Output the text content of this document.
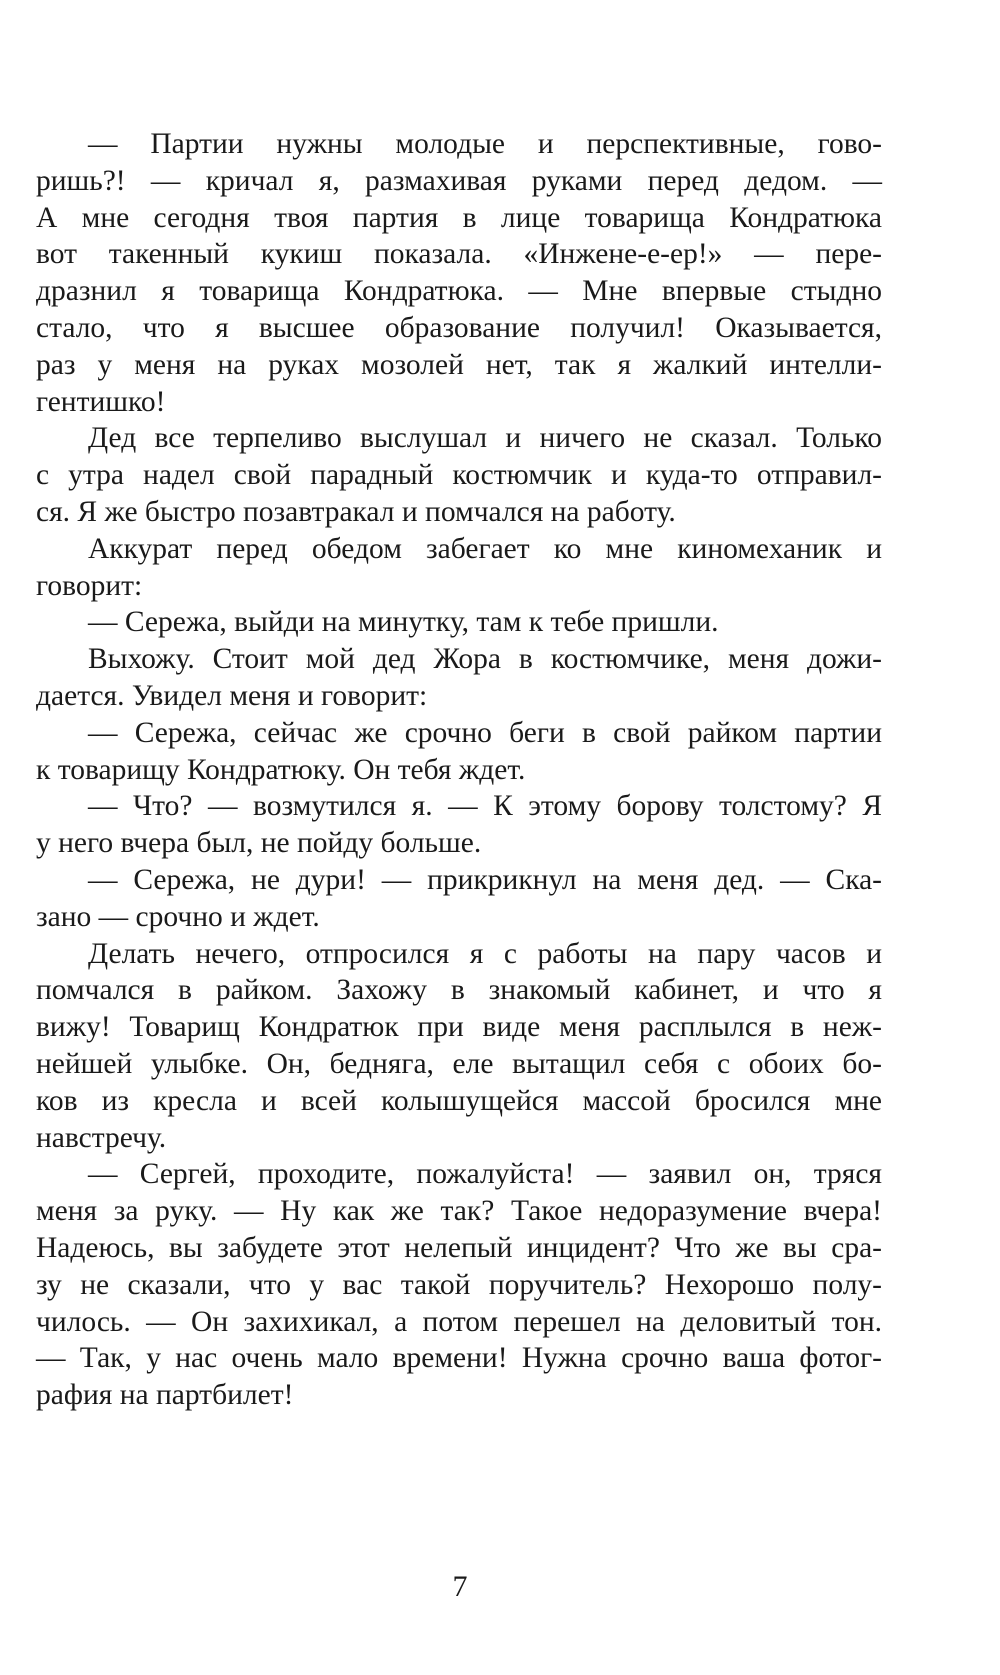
— Партии нужны молодые и перспективные, гово-
ришь?! — кричал я, размахивая руками перед дедом. —
А мне сегодня твоя партия в лице товарища Кондратюка
вот такенный кукиш показала. «Инжене-е-ер!» — пере-
дразнил я товарища Кондратюка. — Мне впервые стыдно
стало, что я высшее образование получил! Оказывается,
раз у меня на руках мозолей нет, так я жалкий интелли-
гентишко!
Дед все терпеливо выслушал и ничего не сказал. Только
с утра надел свой парадный костюмчик и куда-то отправил-
ся. Я же быстро позавтракал и помчался на работу.
Аккурат перед обедом забегает ко мне киномеханик и
говорит:
— Сережа, выйди на минутку, там к тебе пришли.
Выхожу. Стоит мой дед Жора в костюмчике, меня дожи-
дается. Увидел меня и говорит:
— Сережа, сейчас же срочно беги в свой райком партии
к товарищу Кондратюку. Он тебя ждет.
— Что? — возмутился я. — К этому борову толстому? Я
у него вчера был, не пойду больше.
— Сережа, не дури! — прикрикнул на меня дед. — Ска-
зано — срочно и ждет.
Делать нечего, отпросился я с работы на пару часов и
помчался в райком. Захожу в знакомый кабинет, и что я
вижу! Товарищ Кондратюк при виде меня расплылся в неж-
нейшей улыбке. Он, бедняга, еле вытащил себя с обоих бо-
ков из кресла и всей колышущейся массой бросился мне
навстречу.
— Сергей, проходите, пожалуйста! — заявил он, тряся
меня за руку. — Ну как же так? Такое недоразумение вчера!
Надеюсь, вы забудете этот нелепый инцидент? Что же вы сра-
зу не сказали, что у вас такой поручитель? Нехорошо полу-
чилось. — Он захихикал, а потом перешел на деловитый тон.
— Так, у нас очень мало времени! Нужна срочно ваша фотог-
рафия на партбилет!
7
